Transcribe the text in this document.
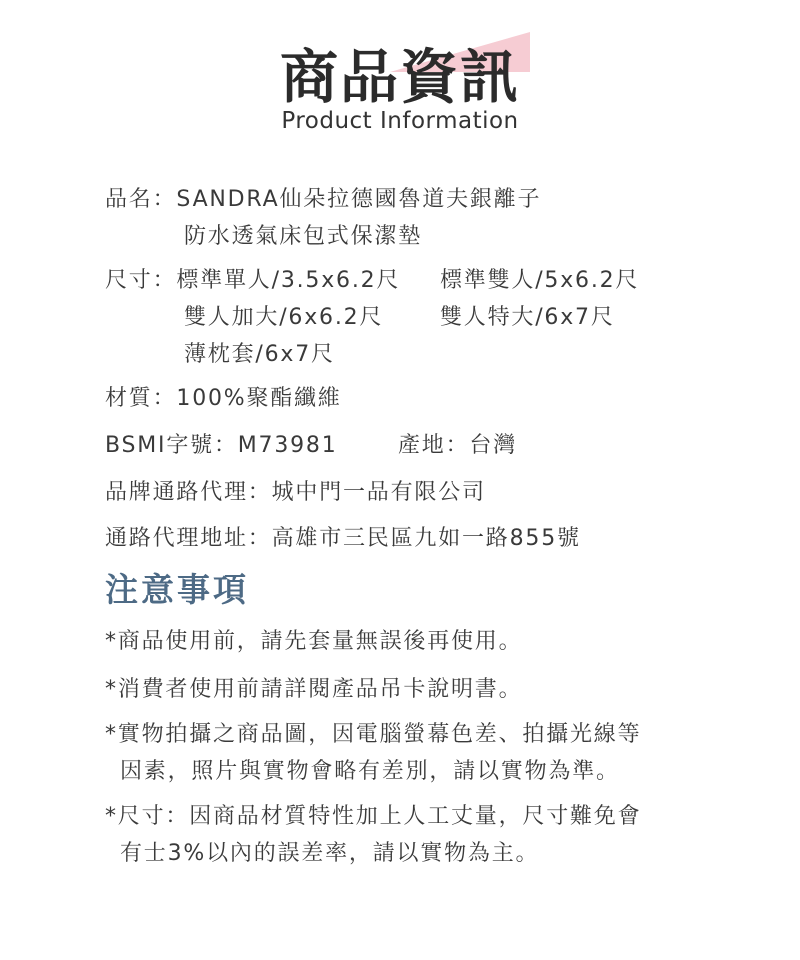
商品資訊
Product Information
品名：SANDRA仙朵拉德國魯道夫銀離子
防水透氣床包式保潔墊
尺寸：標準單人/3.5x6.2尺 標準雙人/5x6.2尺
雙人加大/6x6.2尺	雙人特大/6x7尺
薄枕套/6x7尺
材質：100%聚酯纖維
BSMI字號：M73981	產地：台灣
品牌通路代理：城中門一品有限公司
通路代理地址：高雄市三民區九如一路855號
注意事項
*商品使用前，請先套量無誤後再使用。
*消費者使用前請詳閱產品吊卡說明書。
*實物拍攝之商品圖，因電腦螢幕色差、拍攝光線等
因素，照片與實物會略有差別，請以實物為準。
*尺寸：因商品材質特性加上人工丈量，尺寸難免會
有士3%以內的誤差率，請以實物為主。
